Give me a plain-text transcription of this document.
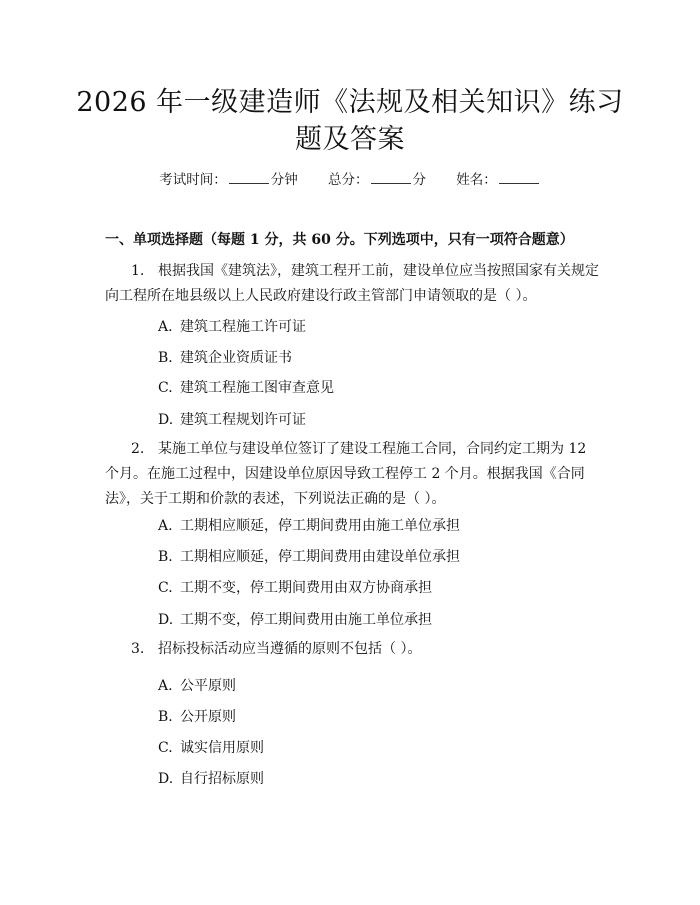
2026 年一级建造师《法规及相关知识》练习
题及答案
考试时间：	分钟 总分：	分 姓名：
一、单项选择题（每题 1 分，共 60 分。下列选项中，只有一项符合题意）
1. 根据我国《建筑法》，建筑工程开工前，建设单位应当按照国家有关规定向工程所在地县级以上人民政府建设行政主管部门申请领取的是（ ）。
A. 建筑工程施工许可证
B. 建筑企业资质证书
C. 建筑工程施工图审查意见
D. 建筑工程规划许可证
2. 某施工单位与建设单位签订了建设工程施工合同，合同约定工期为 12 个月。在施工过程中，因建设单位原因导致工程停工 2 个月。根据我国《合同法》，关于工期和价款的表述，下列说法正确的是（ ）。
A. 工期相应顺延，停工期间费用由施工单位承担
B. 工期相应顺延，停工期间费用由建设单位承担
C. 工期不变，停工期间费用由双方协商承担
D. 工期不变，停工期间费用由施工单位承担
3. 招标投标活动应当遵循的原则不包括（ ）。
A. 公平原则
B. 公开原则
C. 诚实信用原则
D. 自行招标原则
